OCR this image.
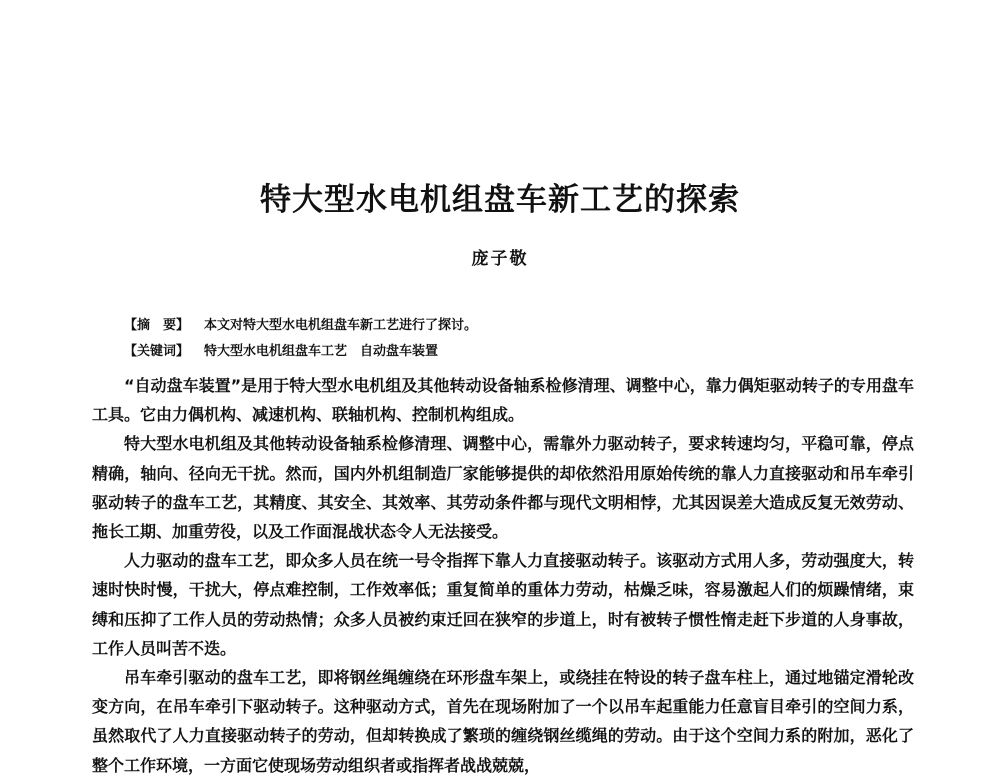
特大型水电机组盘车新工艺的探索
庞子敬
【摘　要】 本文对特大型水电机组盘车新工艺进行了探讨。
【关键词】 特大型水电机组盘车工艺　自动盘车装置

“自动盘车装置”是用于特大型水电机组及其他转动设备轴系检修清理、调整中心，靠力偶矩驱动转子的专用盘车工具。它由力偶机构、减速机构、联轴机构、控制机构组成。

特大型水电机组及其他转动设备轴系检修清理、调整中心，需靠外力驱动转子，要求转速均匀，平稳可靠，停点精确，轴向、径向无干扰。然而，国内外机组制造厂家能够提供的却依然沿用原始传统的靠人力直接驱动和吊车牵引驱动转子的盘车工艺，其精度、其安全、其效率、其劳动条件都与现代文明相悖，尤其因误差大造成反复无效劳动、拖长工期、加重劳役，以及工作面混战状态令人无法接受。

人力驱动的盘车工艺，即众多人员在统一号令指挥下靠人力直接驱动转子。该驱动方式用人多，劳动强度大，转速时快时慢，干扰大，停点难控制，工作效率低；重复简单的重体力劳动，枯燥乏味，容易激起人们的烦躁情绪，束缚和压抑了工作人员的劳动热情；众多人员被约束迁回在狭窄的步道上，时有被转子惯性惰走赶下步道的人身事故，工作人员叫苦不迭。

吊车牵引驱动的盘车工艺，即将钢丝绳缠绕在环形盘车架上，或绕挂在特设的转子盘车柱上，通过地锚定滑轮改变方向，在吊车牵引下驱动转子。这种驱动方式，首先在现场附加了一个以吊车起重能力任意盲目牵引的空间力系，虽然取代了人力直接驱动转子的劳动，但却转换成了繁琐的缠绕钢丝缆绳的劳动。由于这个空间力系的附加，恶化了整个工作环境，一方面它使现场劳动组织者或指挥者战战兢兢，
